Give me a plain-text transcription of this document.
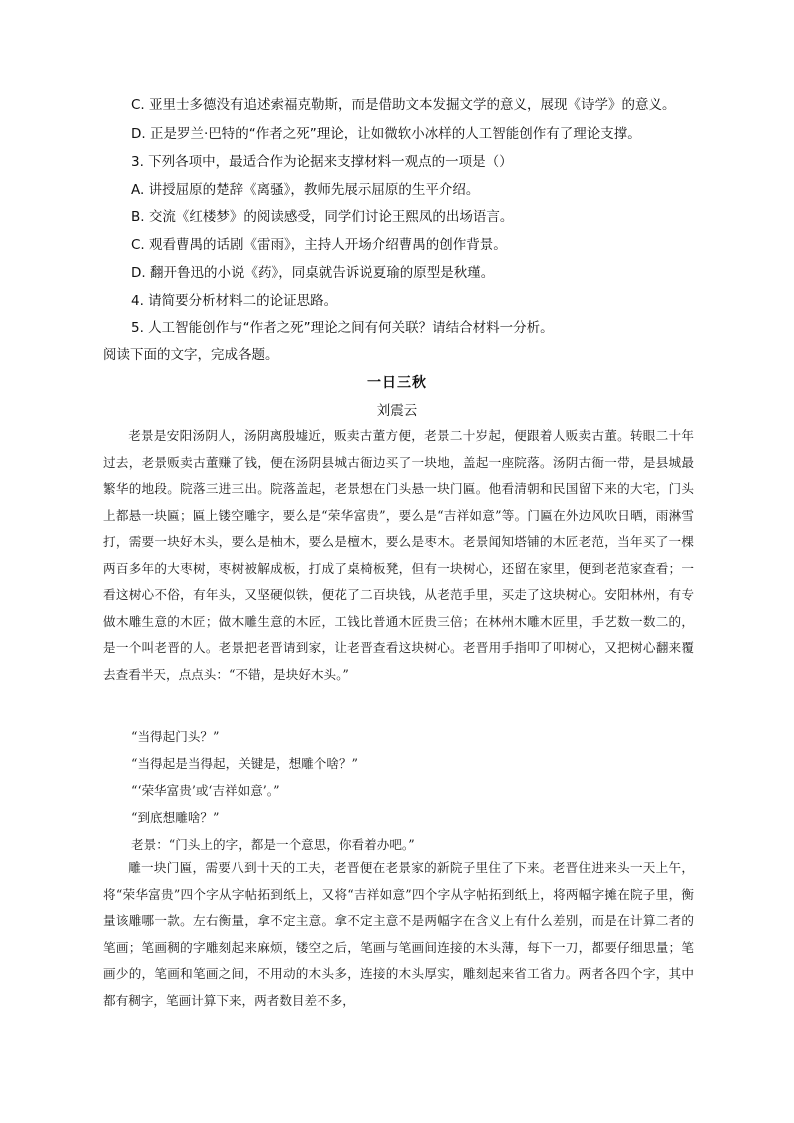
C. 亚里士多德没有追述索福克勒斯，而是借助文本发掘文学的意义，展现《诗学》的意义。
D. 正是罗兰·巴特的“作者之死”理论，让如微软小冰样的人工智能创作有了理论支撑。
3. 下列各项中，最适合作为论据来支撑材料一观点的一项是（）
A. 讲授屈原的楚辞《离骚》，教师先展示屈原的生平介绍。
B. 交流《红楼梦》的阅读感受，同学们讨论王熙凤的出场语言。
C. 观看曹禺的话剧《雷雨》，主持人开场介绍曹禺的创作背景。
D. 翻开鲁迅的小说《药》，同桌就告诉说夏瑜的原型是秋瑾。
4. 请简要分析材料二的论证思路。
5. 人工智能创作与“作者之死”理论之间有何关联？请结合材料一分析。
阅读下面的文字，完成各题。
一日三秋
刘震云

老景是安阳汤阴人，汤阴离殷墟近，贩卖古董方便，老景二十岁起，便跟着人贩卖古董。转眼二十年过去，老景贩卖古董赚了钱，便在汤阴县城古衙边买了一块地，盖起一座院落。汤阴古衙一带，是县城最繁华的地段。院落三进三出。院落盖起，老景想在门头悬一块门匾。他看清朝和民国留下来的大宅，门头上都悬一块匾；匾上镂空雕字，要么是“荣华富贵”，要么是“吉祥如意”等。门匾在外边风吹日晒，雨淋雪打，需要一块好木头，要么是柚木，要么是檀木，要么是枣木。老景闻知塔铺的木匠老范，当年买了一棵两百多年的大枣树，枣树被解成板，打成了桌椅板凳，但有一块树心，还留在家里，便到老范家查看；一看这树心不俗，有年头，又坚硬似铁，便花了二百块钱，从老范手里，买走了这块树心。安阳林州，有专做木雕生意的木匠；做木雕生意的木匠，工钱比普通木匠贵三倍；在林州木雕木匠里，手艺数一数二的，是一个叫老晋的人。老景把老晋请到家，让老晋查看这块树心。老晋用手指叩了叩树心，又把树心翻来覆去查看半天，点点头：“不错，是块好木头。”

“当得起门头？”

“当得起是当得起，关键是，想雕个啥？”

“‘荣华富贵’或‘吉祥如意’。”

“到底想雕啥？”

老景：“门头上的字，都是一个意思，你看着办吧。”

雕一块门匾，需要八到十天的工夫，老晋便在老景家的新院子里住了下来。老晋住进来头一天上午，将“荣华富贵”四个字从字帖拓到纸上，又将“吉祥如意”四个字从字帖拓到纸上，将两幅字摊在院子里，衡量该雕哪一款。左右衡量，拿不定主意。拿不定主意不是两幅字在含义上有什么差别，而是在计算二者的笔画；笔画稠的字雕刻起来麻烦，镂空之后，笔画与笔画间连接的木头薄，每下一刀，都要仔细思量；笔画少的，笔画和笔画之间，不用动的木头多，连接的木头厚实，雕刻起来省工省力。两者各四个字，其中都有稠字，笔画计算下来，两者数目差不多，
